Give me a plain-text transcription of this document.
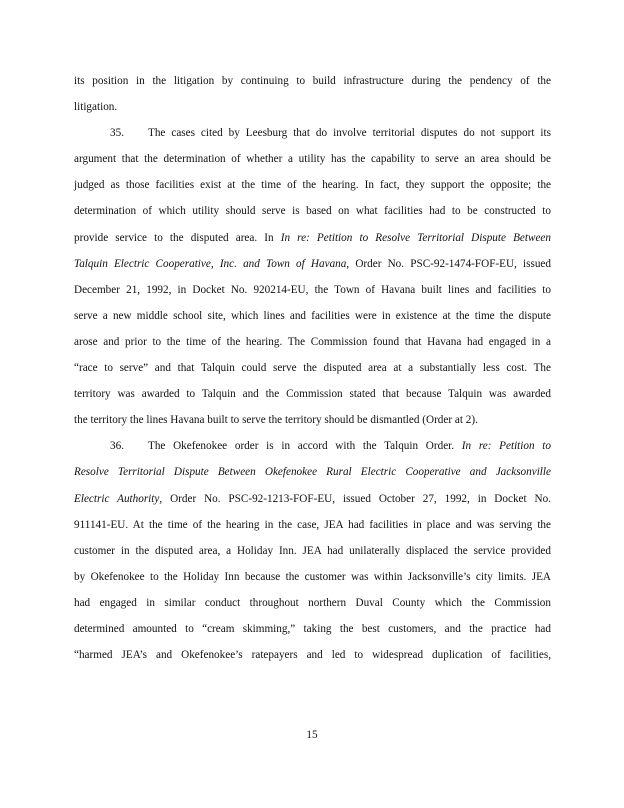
its position in the litigation by continuing to build infrastructure during the pendency of the
litigation.
35. The cases cited by Leesburg that do involve territorial disputes do not support its
argument that the determination of whether a utility has the capability to serve an area should be
judged as those facilities exist at the time of the hearing. In fact, they support the opposite; the
determination of which utility should serve is based on what facilities had to be constructed to
provide service to the disputed area. In In re: Petition to Resolve Territorial Dispute Between
Talquin Electric Cooperative, Inc. and Town of Havana, Order No. PSC-92-1474-FOF-EU, issued
December 21, 1992, in Docket No. 920214-EU, the Town of Havana built lines and facilities to
serve a new middle school site, which lines and facilities were in existence at the time the dispute
arose and prior to the time of the hearing. The Commission found that Havana had engaged in a
“race to serve” and that Talquin could serve the disputed area at a substantially less cost. The
territory was awarded to Talquin and the Commission stated that because Talquin was awarded
the territory the lines Havana built to serve the territory should be dismantled (Order at 2).
36. The Okefenokee order is in accord with the Talquin Order. In re: Petition to
Resolve Territorial Dispute Between Okefenokee Rural Electric Cooperative and Jacksonville
Electric Authority, Order No. PSC-92-1213-FOF-EU, issued October 27, 1992, in Docket No.
911141-EU. At the time of the hearing in the case, JEA had facilities in place and was serving the
customer in the disputed area, a Holiday Inn. JEA had unilaterally displaced the service provided
by Okefenokee to the Holiday Inn because the customer was within Jacksonville’s city limits. JEA
had engaged in similar conduct throughout northern Duval County which the Commission
determined amounted to “cream skimming,” taking the best customers, and the practice had
“harmed JEA’s and Okefenokee’s ratepayers and led to widespread duplication of facilities,
15
